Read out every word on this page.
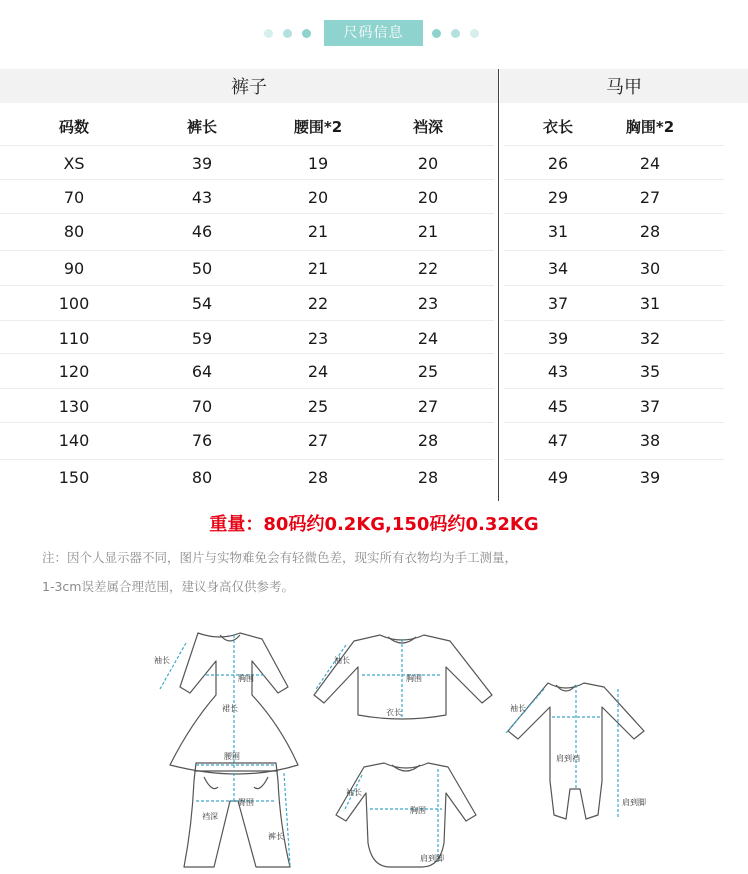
尺码信息
裤子	马甲
码数	裤长	腰围*2	裆深	衣长	胸围*2
XS	39	19	20	26	24
70	43	20	20	29	27
80	46	21	21	31	28
90	50	21	22	34	30
100	54	22	23	37	31
110	59	23	24	39	32
120	64	24	25	43	35
130	70	25	27	45	37
140	76	27	28	47	38
150	80	28	28	49	39
重量：80码约0.2KG,150码约0.32KG
注：因个人显示器不同，图片与实物难免会有轻微色差，现实所有衣物均为手工测量，
1-3cm误差属合理范围，建议身高仅供参考。
袖长
胸围
裙长
袖长
胸围
衣长	袖长
肩到裆
肩到脚
腰围
臀围
裆深
裤长
袖长
胸围
肩到脚
